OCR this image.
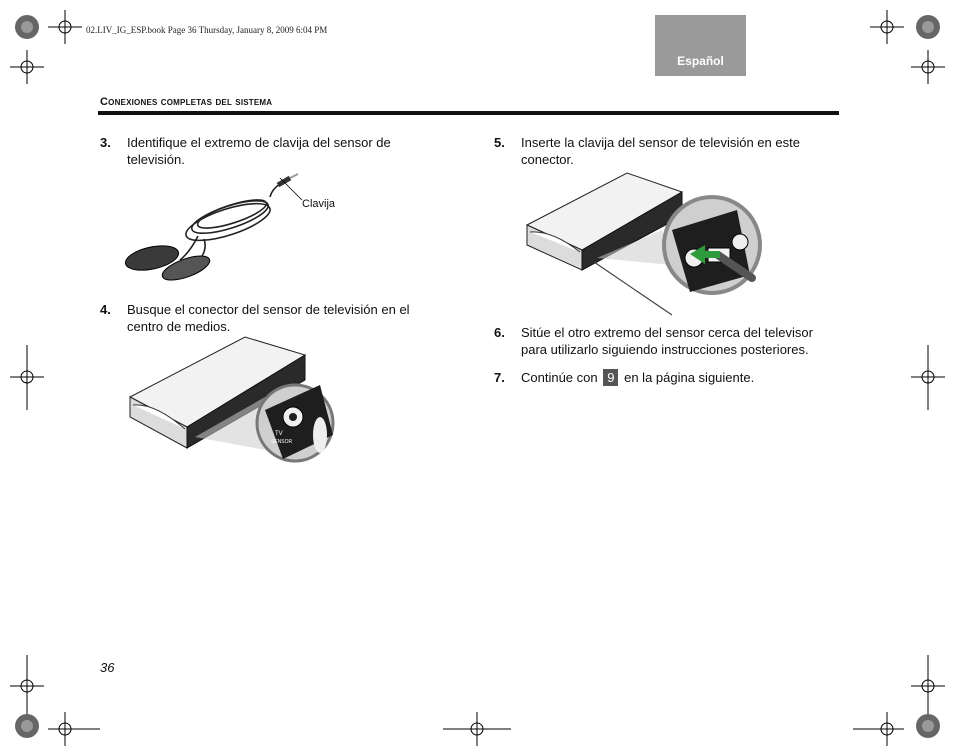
02.LIV_IG_ESP.book Page 36 Thursday, January 8, 2009 6:04 PM
Español
Conexiones completas del sistema
3. Identifique el extremo de clavija del sensor de televisión.
Clavija
4. Busque el conector del sensor de televisión en el centro de medios.
TV
SENSOR
5. Inserte la clavija del sensor de televisión en este conector.
6. Sitúe el otro extremo del sensor cerca del televisor para utilizarlo siguiendo instrucciones posteriores.
7. Continúe con 9 en la página siguiente.
36
